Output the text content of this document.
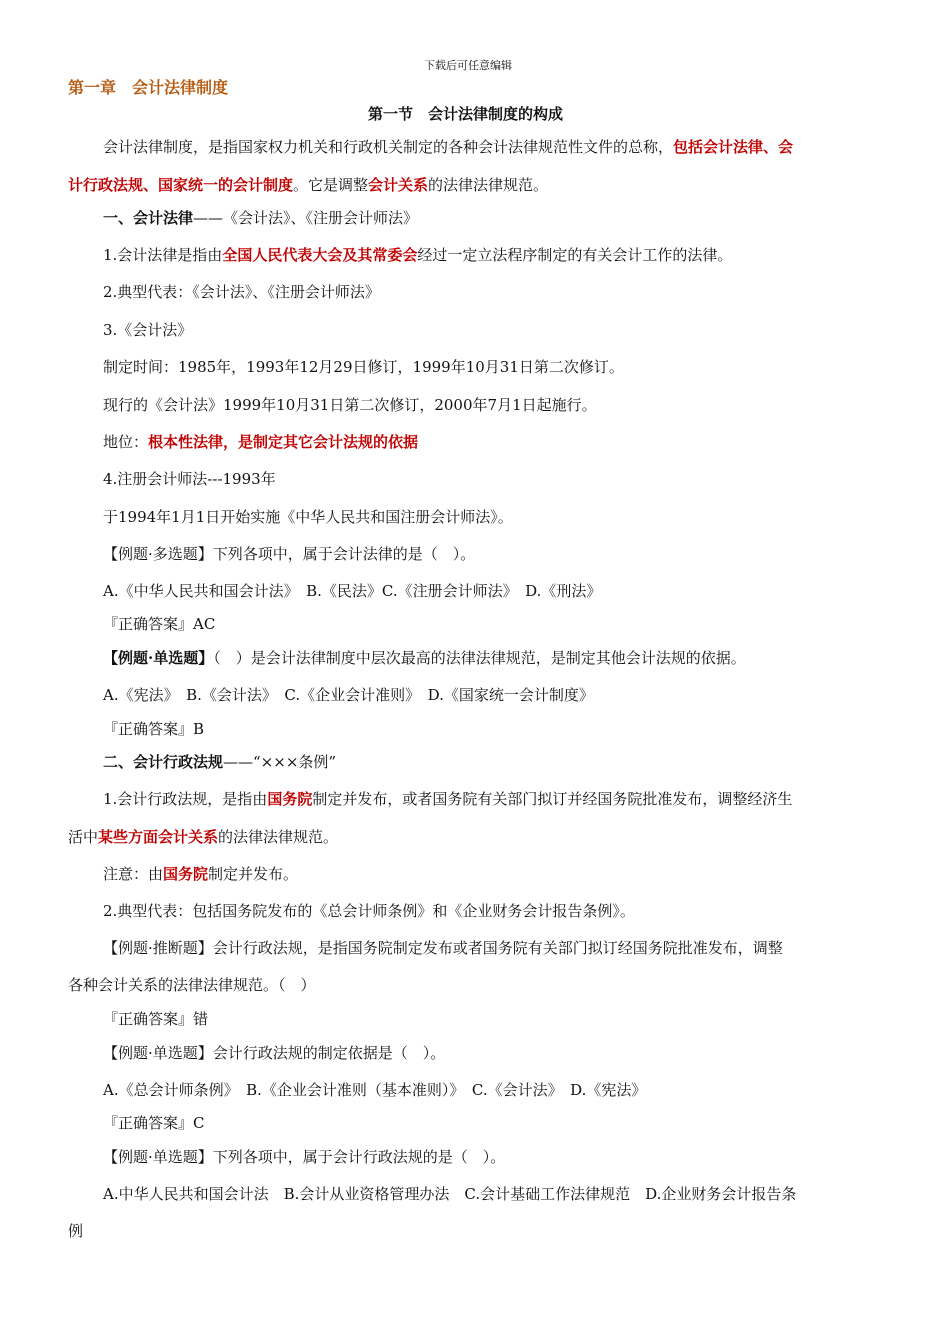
下载后可任意编辑
第一章　会计法律制度
第一节　会计法律制度的构成
会计法律制度，是指国家权力机关和行政机关制定的各种会计法律规范性文件的总称，包括会计法律、会
计行政法规、国家统一的会计制度。它是调整会计关系的法律法律规范。
一、会计法律——《会计法》、《注册会计师法》
1.会计法律是指由全国人民代表大会及其常委会经过一定立法程序制定的有关会计工作的法律。
2.典型代表：《会计法》、《注册会计师法》
3.《会计法》
制定时间：1985年，1993年12月29日修订，1999年10月31日第二次修订。
现行的《会计法》1999年10月31日第二次修订，2000年7月1日起施行。
地位：根本性法律，是制定其它会计法规的依据
4.注册会计师法---1993年
于1994年1月1日开始实施《中华人民共和国注册会计师法》。
【例题·多选题】下列各项中，属于会计法律的是（　）。
A.《中华人民共和国会计法》　B.《民法》C.《注册会计师法》　D.《刑法》
『正确答案』AC
【例题·单选题】（　）是会计法律制度中层次最高的法律法律规范，是制定其他会计法规的依据。
A.《宪法》　B.《会计法》　C.《企业会计准则》　D.《国家统一会计制度》
『正确答案』B
二、会计行政法规——“×××条例”
1.会计行政法规，是指由国务院制定并发布，或者国务院有关部门拟订并经国务院批准发布，调整经济生
活中某些方面会计关系的法律法律规范。
注意：由国务院制定并发布。
2.典型代表：包括国务院发布的《总会计师条例》和《企业财务会计报告条例》。
【例题·推断题】会计行政法规，是指国务院制定发布或者国务院有关部门拟订经国务院批准发布，调整
各种会计关系的法律法律规范。（　）
『正确答案』错
【例题·单选题】会计行政法规的制定依据是（　）。
A.《总会计师条例》　B.《企业会计准则（基本准则）》　C.《会计法》　D.《宪法》
『正确答案』C
【例题·单选题】下列各项中，属于会计行政法规的是（　）。
A.中华人民共和国会计法　B.会计从业资格管理办法　C.会计基础工作法律规范　D.企业财务会计报告条
例
